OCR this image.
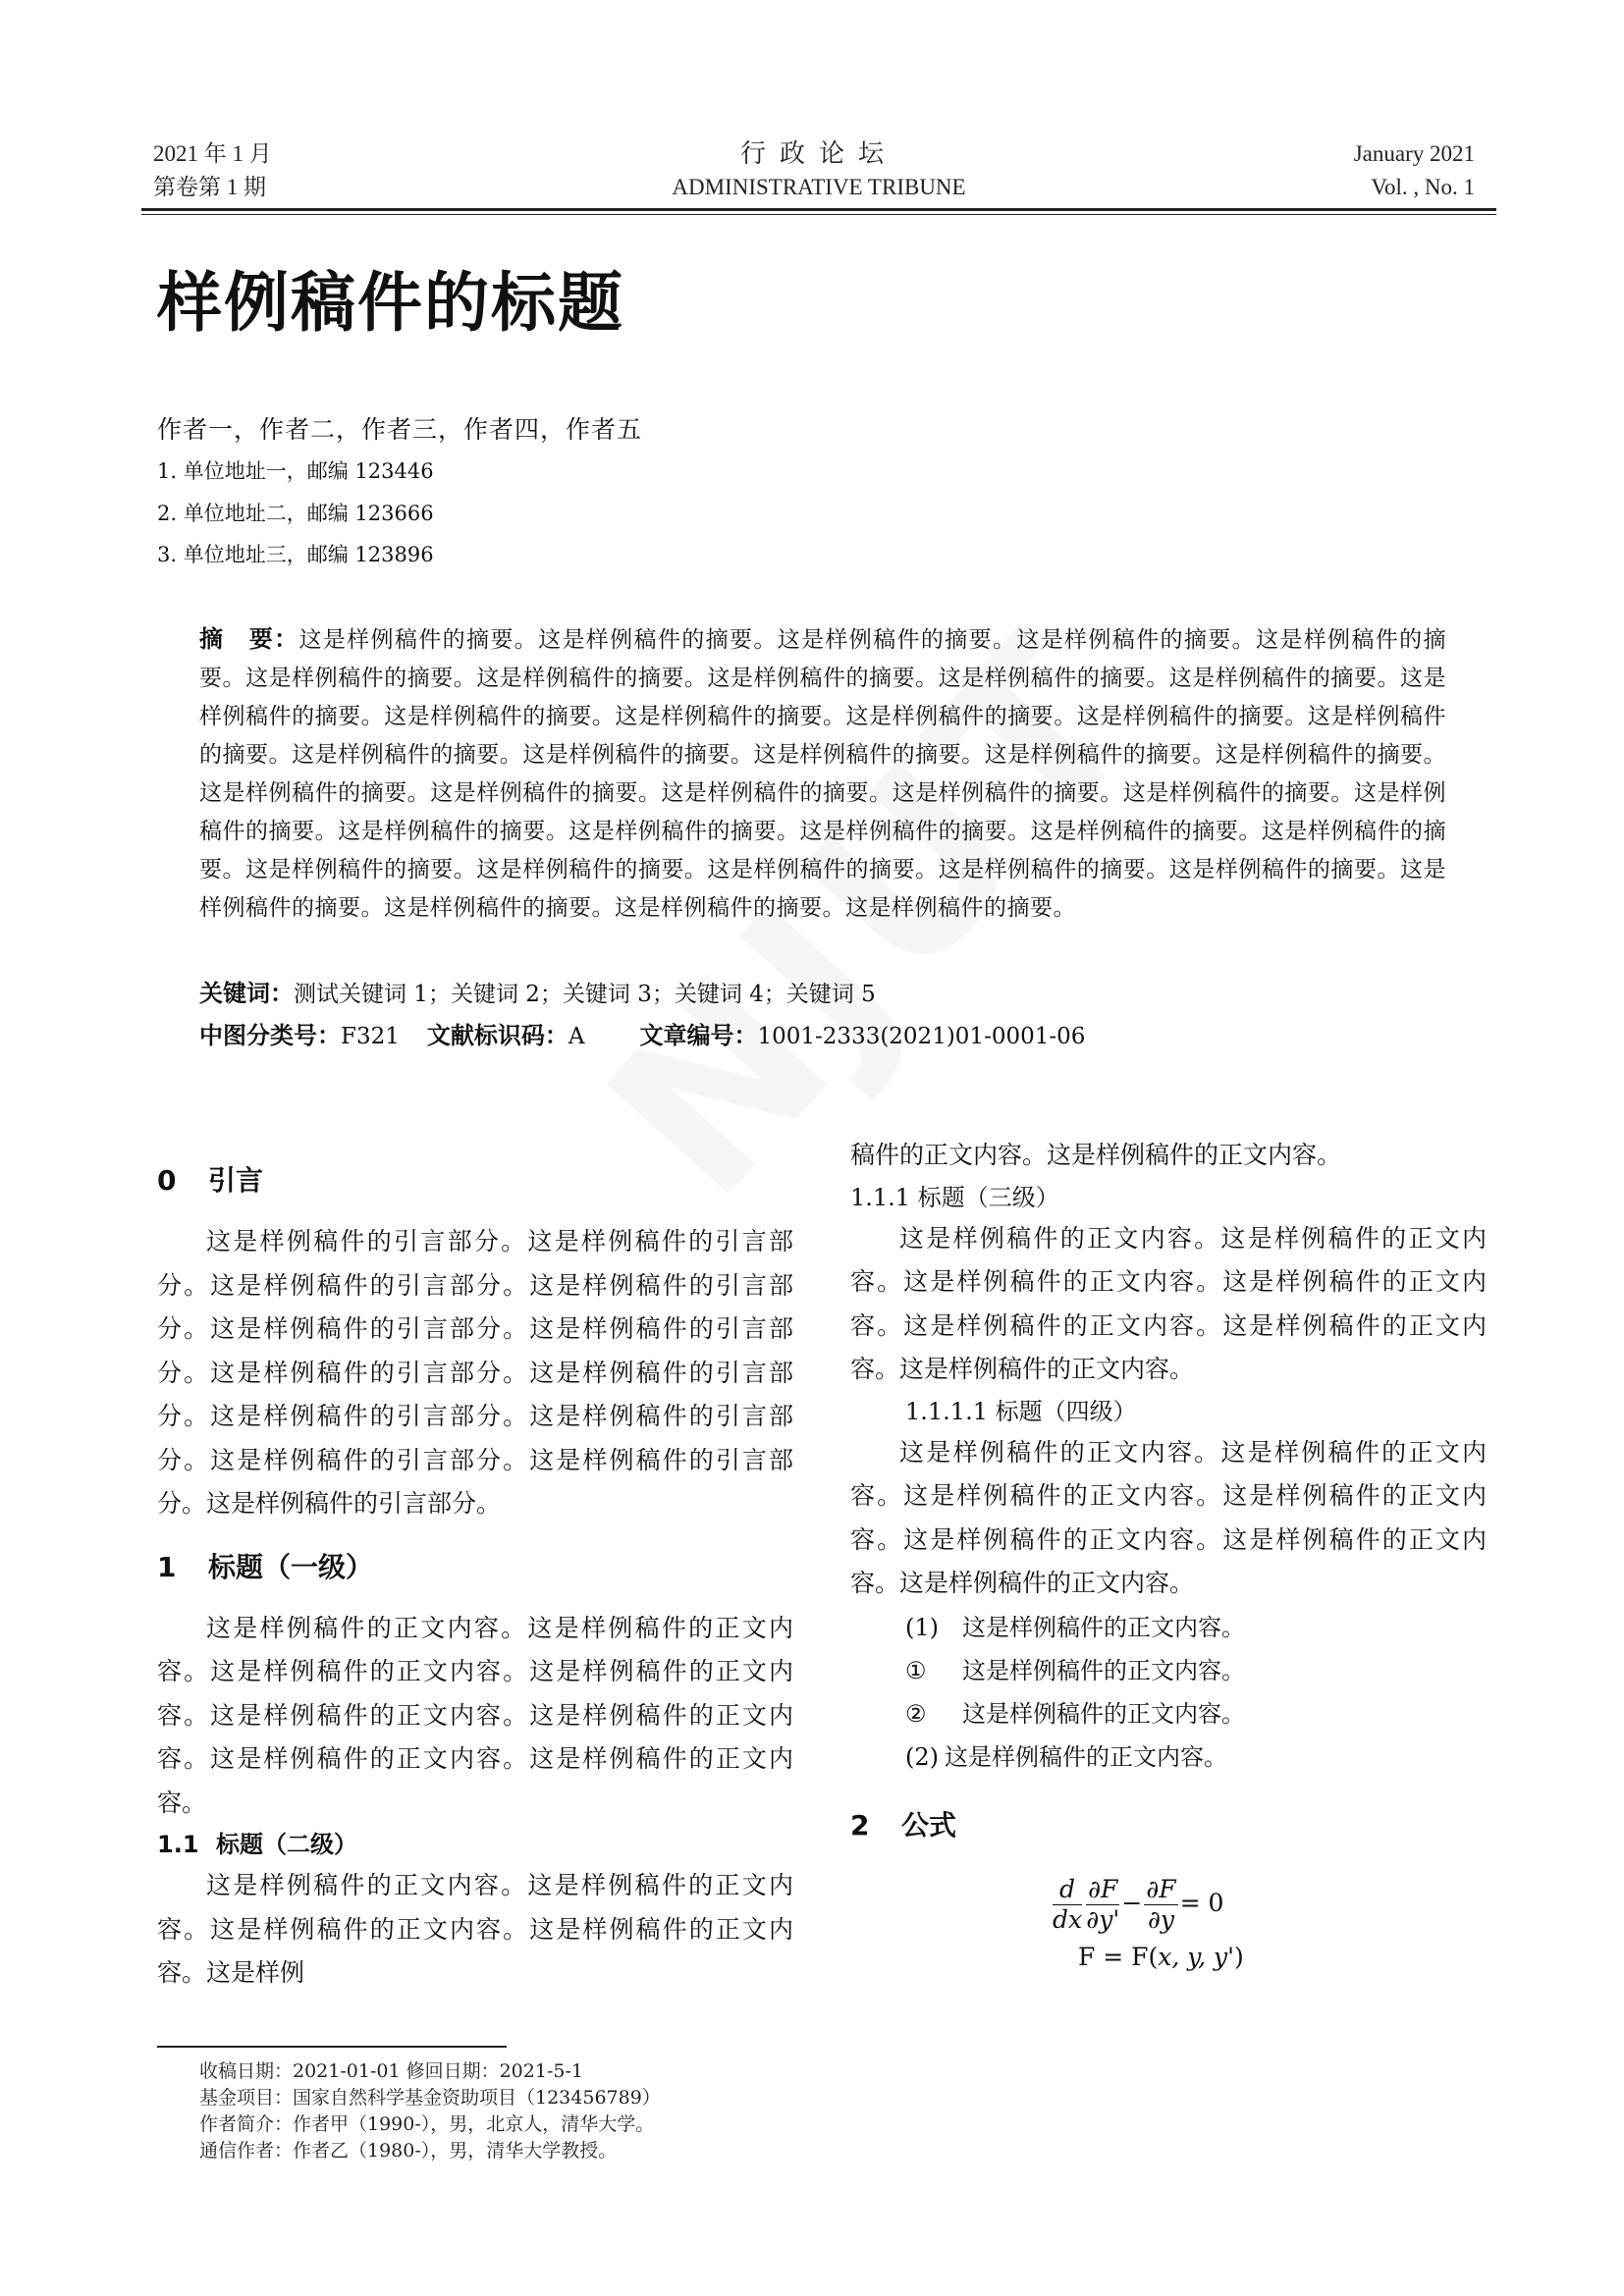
2021 年 1 月
第卷第 1 期
行政论坛
ADMINISTRATIVE TRIBUNE
January 2021
Vol. , No. 1
样例稿件的标题
作者一，作者二，作者三，作者四，作者五
1. 单位地址一，邮编 123446
2. 单位地址二，邮编 123666
3. 单位地址三，邮编 123896
摘　要：这是样例稿件的摘要。这是样例稿件的摘要。这是样例稿件的摘要。这是样例稿件的摘要。这是样例稿件的摘要。这是样例稿件的摘要。这是样例稿件的摘要。这是样例稿件的摘要。这是样例稿件的摘要。这是样例稿件的摘要。这是样例稿件的摘要。这是样例稿件的摘要。这是样例稿件的摘要。这是样例稿件的摘要。这是样例稿件的摘要。这是样例稿件的摘要。这是样例稿件的摘要。这是样例稿件的摘要。这是样例稿件的摘要。这是样例稿件的摘要。这是样例稿件的摘要。这是样例稿件的摘要。这是样例稿件的摘要。这是样例稿件的摘要。这是样例稿件的摘要。这是样例稿件的摘要。这是样例稿件的摘要。这是样例稿件的摘要。这是样例稿件的摘要。这是样例稿件的摘要。这是样例稿件的摘要。这是样例稿件的摘要。这是样例稿件的摘要。这是样例稿件的摘要。这是样例稿件的摘要。这是样例稿件的摘要。这是样例稿件的摘要。这是样例稿件的摘要。这是样例稿件的摘要。这是样例稿件的摘要。这是样例稿件的摘要。
关键词：测试关键词 1；关键词 2；关键词 3；关键词 4；关键词 5
中图分类号：F321 文献标识码：A 文章编号：1001-2333(2021)01-0001-06
0 引言
这是样例稿件的引言部分。这是样例稿件的引言部分。这是样例稿件的引言部分。这是样例稿件的引言部分。这是样例稿件的引言部分。这是样例稿件的引言部分。这是样例稿件的引言部分。这是样例稿件的引言部分。这是样例稿件的引言部分。这是样例稿件的引言部分。这是样例稿件的引言部分。这是样例稿件的引言部分。这是样例稿件的引言部分。
1 标题（一级）
这是样例稿件的正文内容。这是样例稿件的正文内容。这是样例稿件的正文内容。这是样例稿件的正文内容。这是样例稿件的正文内容。这是样例稿件的正文内容。这是样例稿件的正文内容。这是样例稿件的正文内容。
1.1 标题（二级）
这是样例稿件的正文内容。这是样例稿件的正文内容。这是样例稿件的正文内容。这是样例稿件的正文内容。这是样例
稿件的正文内容。这是样例稿件的正文内容。
1.1.1 标题（三级）
这是样例稿件的正文内容。这是样例稿件的正文内容。这是样例稿件的正文内容。这是样例稿件的正文内容。这是样例稿件的正文内容。这是样例稿件的正文内容。这是样例稿件的正文内容。
1.1.1.1 标题（四级）
这是样例稿件的正文内容。这是样例稿件的正文内容。这是样例稿件的正文内容。这是样例稿件的正文内容。这是样例稿件的正文内容。这是样例稿件的正文内容。这是样例稿件的正文内容。
(1) 这是样例稿件的正文内容。
① 这是样例稿件的正文内容。
② 这是样例稿件的正文内容。
(2) 这是样例稿件的正文内容。
2 公式
$\frac{d}{dx} \frac{\partial F}{\partial y'} - \frac{\partial F}{\partial y} = 0$
F = F(x, y, y')
收稿日期：2021-01-01 修回日期：2021-5-1
基金项目：国家自然科学基金资助项目（123456789）
作者简介：作者甲（1990-），男，北京人，清华大学。
通信作者：作者乙（1980-），男，清华大学教授。
